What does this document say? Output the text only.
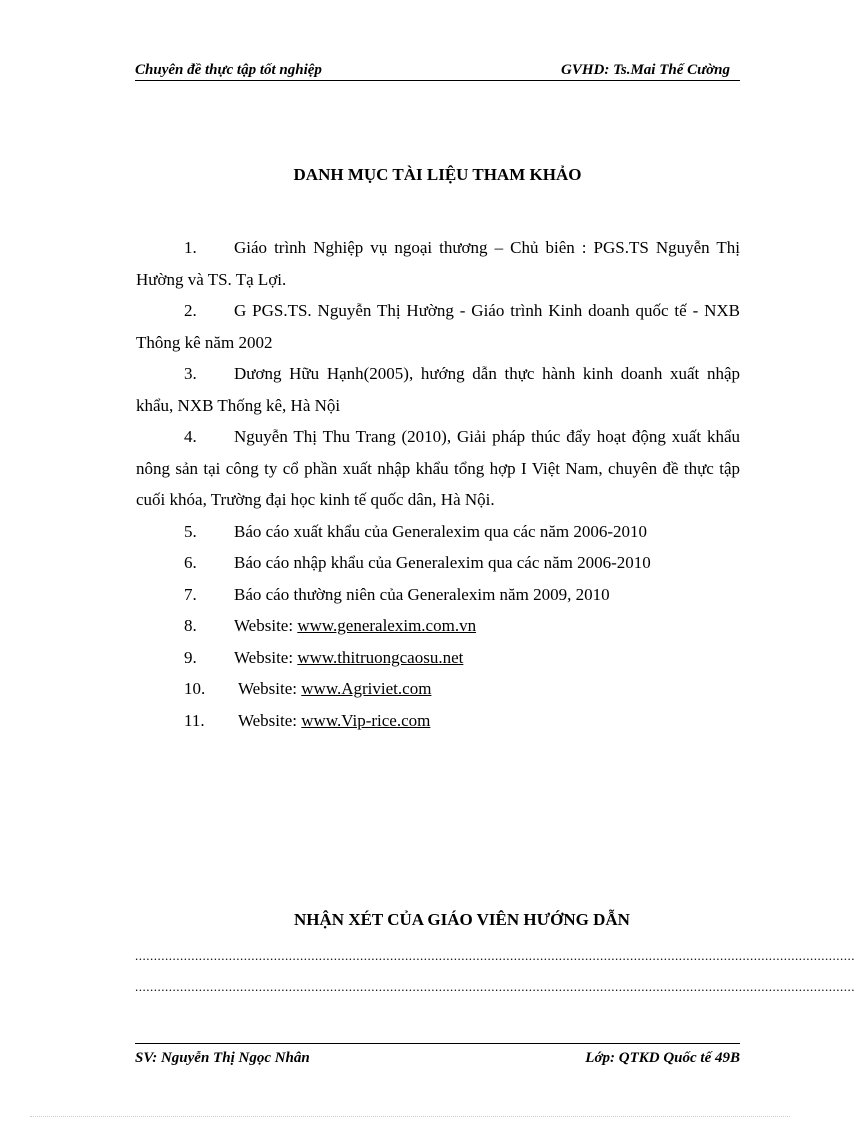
Chuyên đề thực tập tốt nghiệp	GVHD: Ts.Mai Thế Cường
DANH MỤC TÀI LIỆU THAM KHẢO
1. Giáo trình Nghiệp vụ ngoại thương – Chủ biên : PGS.TS Nguyễn Thị Hường và TS. Tạ Lợi.
2. G PGS.TS. Nguyễn Thị Hường - Giáo trình Kinh doanh quốc tế - NXB Thông kê năm 2002
3. Dương Hữu Hạnh(2005), hướng dẫn thực hành kinh doanh xuất nhập khẩu, NXB Thống kê, Hà Nội
4. Nguyễn Thị Thu Trang (2010), Giải pháp thúc đẩy hoạt động xuất khẩu nông sản tại công ty cổ phần xuất nhập khẩu tổng hợp I Việt Nam, chuyên đề thực tập cuối khóa, Trường đại học kinh tế quốc dân, Hà Nội.
5. Báo cáo xuất khẩu của Generalexim qua các năm 2006-2010
6. Báo cáo nhập khẩu của Generalexim qua các năm 2006-2010
7. Báo cáo thường niên của Generalexim năm 2009, 2010
8. Website: www.generalexim.com.vn
9. Website: www.thitruongcaosu.net
10. Website: www.Agriviet.com
11. Website: www.Vip-rice.com
NHẬN XÉT CỦA GIÁO VIÊN HƯỚNG DẪN
................................................................................................................................................................................................
................................................................................................................................................................................................
SV: Nguyễn Thị Ngọc Nhân	Lớp: QTKD Quốc tế 49B
